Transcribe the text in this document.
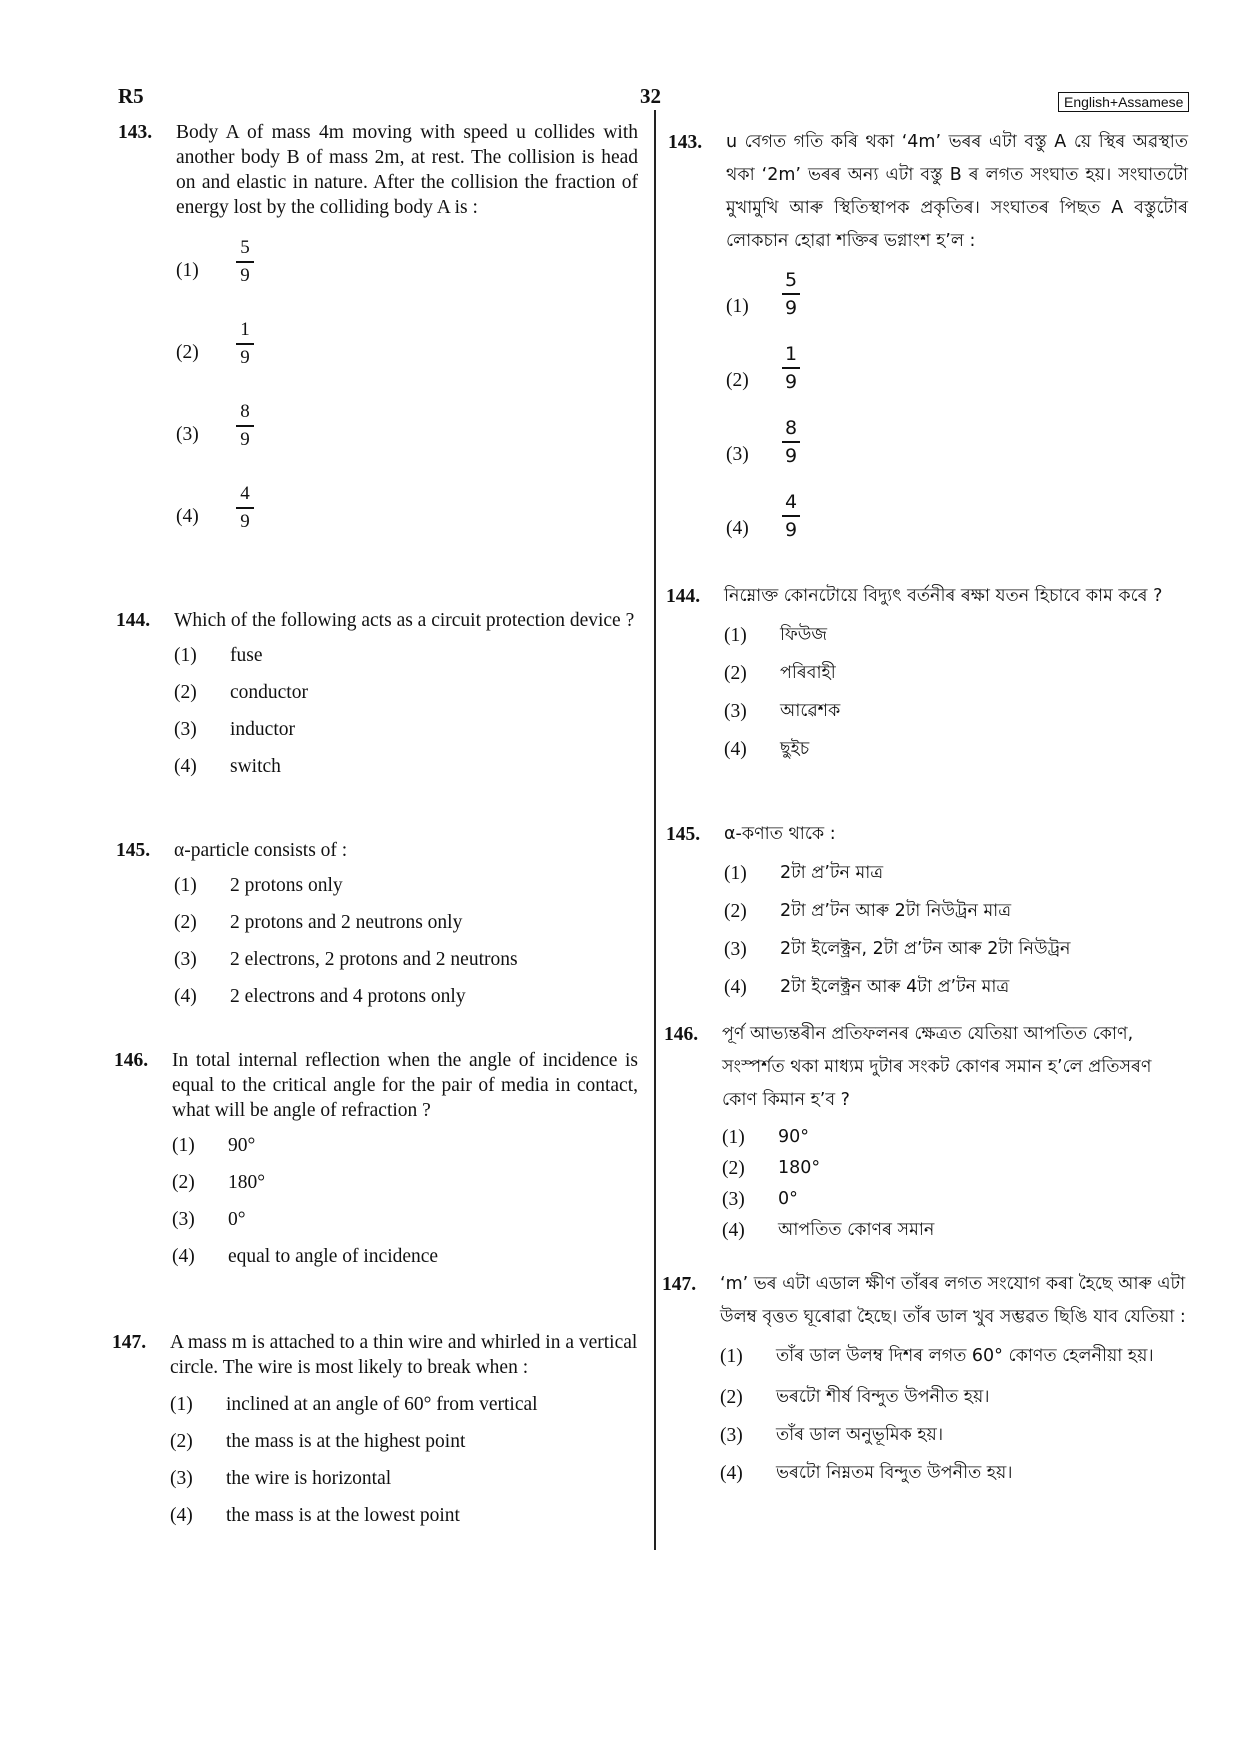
R5	32	English+Assamese
143. Body A of mass 4m moving with speed u collides with another body B of mass 2m, at rest. The collision is head on and elastic in nature. After the collision the fraction of energy lost by the colliding body A is :
(1)
5
9
(2)
1
9
(3)
8
9
(4)
4
9
144. Which of the following acts as a circuit protection device ?
(1) fuse
(2) conductor
(3) inductor
(4) switch
145. α-particle consists of :
(1) 2 protons only
(2) 2 protons and 2 neutrons only
(3) 2 electrons, 2 protons and 2 neutrons
(4) 2 electrons and 4 protons only
146. In total internal reflection when the angle of incidence is equal to the critical angle for the pair of media in contact, what will be angle of refraction ?
(1) 90°
(2) 180°
(3) 0°
(4) equal to angle of incidence
147. A mass m is attached to a thin wire and whirled in a vertical circle. The wire is most likely to break when :
(1) inclined at an angle of 60° from vertical
(2) the mass is at the highest point
(3) the wire is horizontal
(4) the mass is at the lowest point
143. u বেগত গতি কৰি থকা ‘4m’ ভৰৰ এটা বস্তু A য়ে স্থিৰ অৱস্থাত থকা ‘2m’ ভৰৰ অন্য এটা বস্তু B ৰ লগত সংঘাত হয়। সংঘাতটো মুখামুখি আৰু স্থিতিস্থাপক প্ৰকৃতিৰ। সংঘাতৰ পিছত A বস্তুটোৰ লোকচান হোৱা শক্তিৰ ভগ্নাংশ হ’ল :
(1)
5
9
(2)
1
9
(3)
8
9
(4)
4
9
144. নিম্নোক্ত কোনটোয়ে বিদ্যুৎ বৰ্তনীৰ ৰক্ষা যতন হিচাবে কাম কৰে ?
(1) ফিউজ
(2) পৰিবাহী
(3) আৱেশক
(4) ছুইচ
145. α-কণাত থাকে :
(1) 2টা প্ৰ’টন মাত্ৰ
(2) 2টা প্ৰ’টন আৰু 2টা নিউট্ৰন মাত্ৰ
(3) 2টা ইলেক্ট্ৰন, 2টা প্ৰ’টন আৰু 2টা নিউট্ৰন
(4) 2টা ইলেক্ট্ৰন আৰু 4টা প্ৰ’টন মাত্ৰ
146. পূৰ্ণ আভ্যন্তৰীন প্ৰতিফলনৰ ক্ষেত্ৰত যেতিয়া আপতিত কোণ, সংস্পৰ্শত থকা মাধ্যম দুটাৰ সংকট কোণৰ সমান হ’লে প্ৰতিসৰণ কোণ কিমান হ’ব ?
(1) 90°
(2) 180°
(3) 0°
(4) আপতিত কোণৰ সমান
147. ‘m’ ভৰ এটা এডাল ক্ষীণ তাঁৰৰ লগত সংযোগ কৰা হৈছে আৰু এটা উলম্ব বৃত্তত ঘূৰোৱা হৈছে। তাঁৰ ডাল খুব সম্ভৱত ছিঙি যাব যেতিয়া :
(1) তাঁৰ ডাল উলম্ব দিশৰ লগত 60° কোণত হেলনীয়া হয়।
(2) ভৰটো শীৰ্ষ বিন্দুত উপনীত হয়।
(3) তাঁৰ ডাল অনুভূমিক হয়।
(4) ভৰটো নিম্নতম বিন্দুত উপনীত হয়।
